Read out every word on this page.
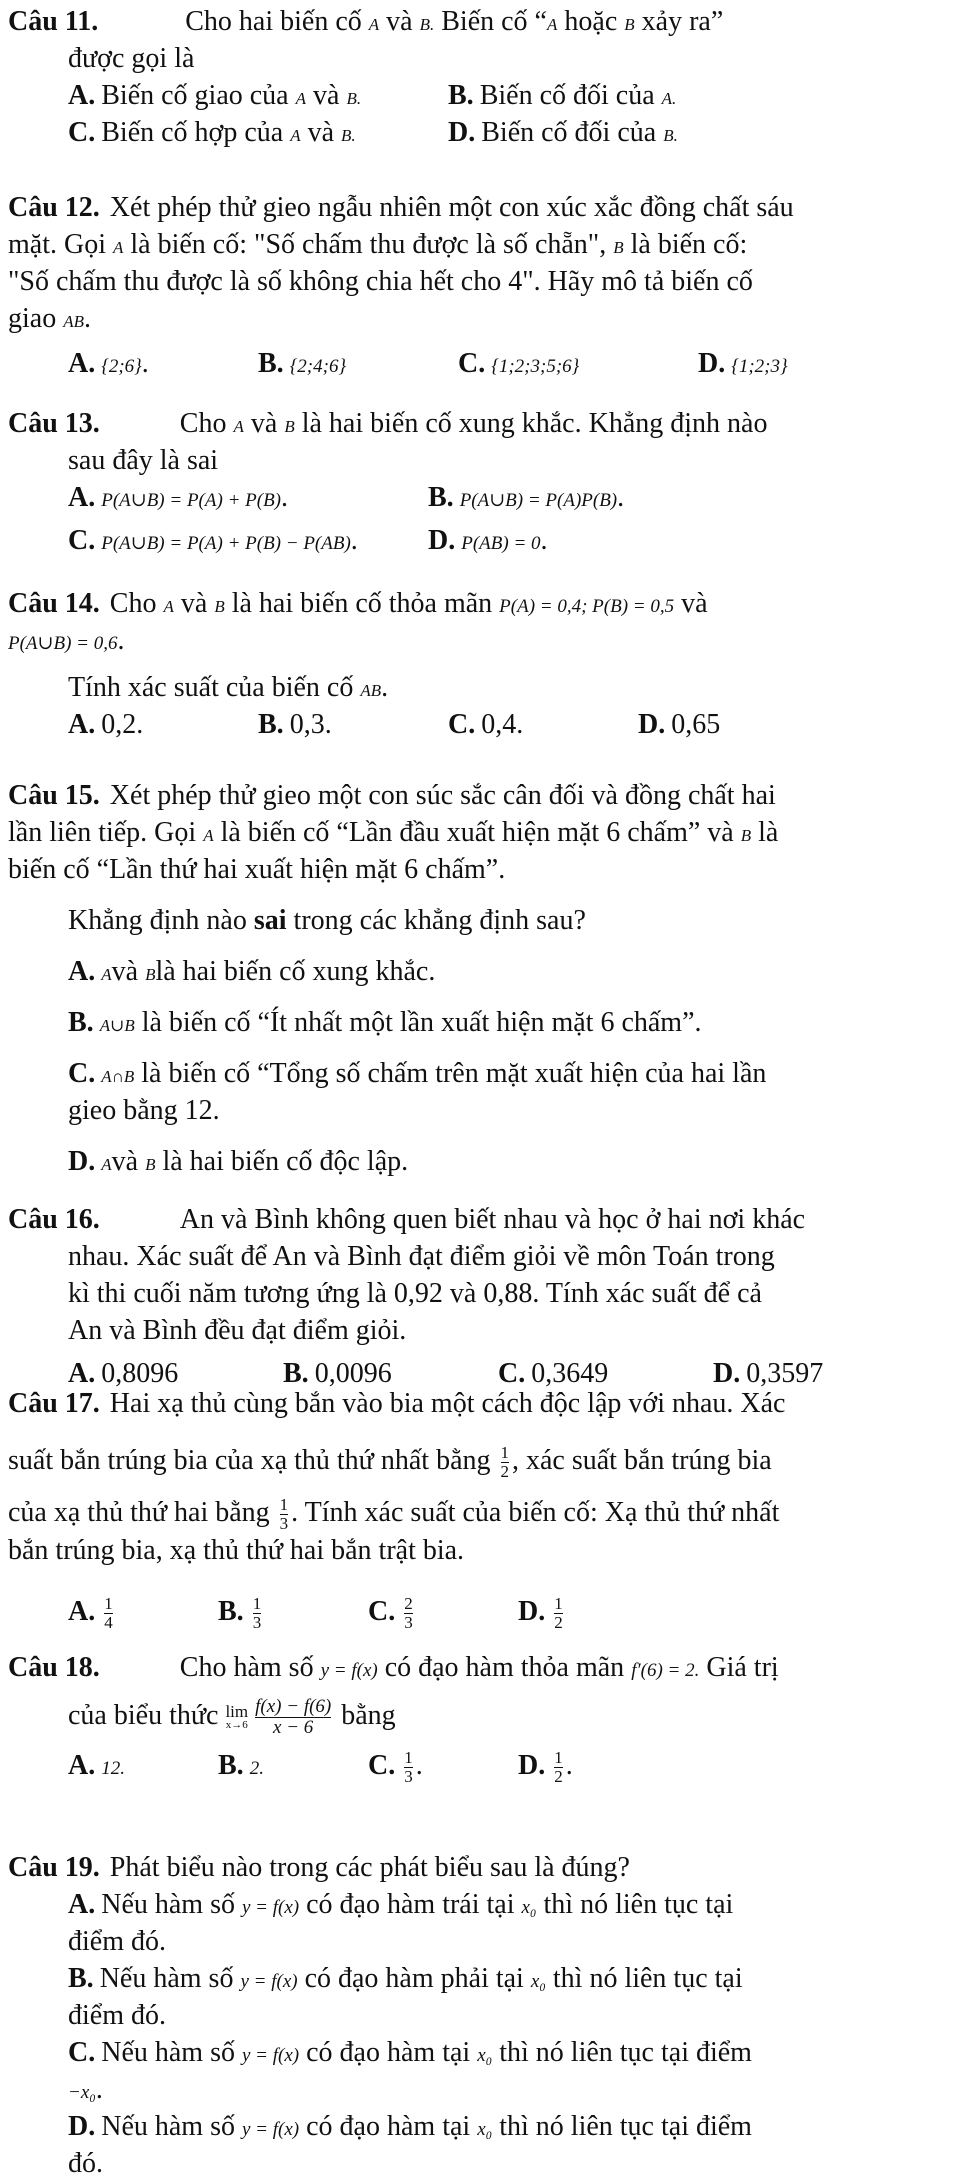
Câu 11.	Cho hai biến cố A và B. Biến cố “A hoặc B xảy ra”

được gọi là

A. Biến cố giao của A và B.	B. Biến cố đối của A.
C. Biến cố hợp của A và B.	D. Biến cố đối của B.

Câu 12. Xét phép thử gieo ngẫu nhiên một con xúc xắc đồng chất sáu

mặt. Gọi A là biến cố: "Số chấm thu được là số chẵn", B là biến cố:

"Số chấm thu được là số không chia hết cho 4". Hãy mô tả biến cố

giao AB.

A. {2;6}.	B. {2;4;6}	C. {1;2;3;5;6}	D. {1;2;3}

Câu 13.	Cho A và B là hai biến cố xung khắc. Khẳng định nào

sau đây là sai

A. P(A∪B) = P(A) + P(B).	B. P(A∪B) = P(A)P(B).
C. P(A∪B) = P(A) + P(B) − P(AB).	D. P(AB) = 0.

Câu 14. Cho A và B là hai biến cố thỏa mãn P(A) = 0,4; P(B) = 0,5 và

P(A∪B) = 0,6.

Tính xác suất của biến cố AB.

A. 0,2.	B. 0,3.	C. 0,4.	D. 0,65

Câu 15. Xét phép thử gieo một con súc sắc cân đối và đồng chất hai

lần liên tiếp. Gọi A là biến cố “Lần đầu xuất hiện mặt 6 chấm” và B là

biến cố “Lần thứ hai xuất hiện mặt 6 chấm”.

Khẳng định nào sai trong các khẳng định sau?

A. Avà Blà hai biến cố xung khắc.

B. A∪B là biến cố “Ít nhất một lần xuất hiện mặt 6 chấm”.

C. A∩B là biến cố “Tổng số chấm trên mặt xuất hiện của hai lần

gieo bằng 12.

D. Avà B là hai biến cố độc lập.

Câu 16.	An và Bình không quen biết nhau và học ở hai nơi khác

nhau. Xác suất để An và Bình đạt điểm giỏi về môn Toán trong

kì thi cuối năm tương ứng là 0,92 và 0,88. Tính xác suất để cả

An và Bình đều đạt điểm giỏi.

A. 0,8096	B. 0,0096	C. 0,3649	D. 0,3597

Câu 17. Hai xạ thủ cùng bắn vào bia một cách độc lập với nhau. Xác

suất bắn trúng bia của xạ thủ thứ nhất bằng $\frac{1}{2}$ , xác suất bắn trúng bia

của xạ thủ thứ hai bằng $\frac{1}{3}$ . Tính xác suất của biến cố: Xạ thủ thứ nhất

bắn trúng bia, xạ thủ thứ hai bắn trật bia.

A. $\frac{1}{4}$	B. $\frac{1}{3}$	C. $\frac{2}{3}$	D. $\frac{1}{2}$

Câu 18.	Cho hàm số y = f(x) có đạo hàm thỏa mãn f′(6) = 2. Giá trị

của biểu thức lim
$x\to 6 \frac{f(x) - f(6)}{x - 6}$ bằng

A. 12.	B. 2.	C. $\frac{1}{3}$ .	D. $\frac{1}{2}$ .

Câu 19. Phát biểu nào trong các phát biểu sau là đúng?

A. Nếu hàm số y = f(x) có đạo hàm trái tại x₀ thì nó liên tục tại

điểm đó.

B. Nếu hàm số y = f(x) có đạo hàm phải tại x₀ thì nó liên tục tại

điểm đó.

C. Nếu hàm số y = f(x) có đạo hàm tại x₀ thì nó liên tục tại điểm

−x₀.

D. Nếu hàm số y = f(x) có đạo hàm tại x₀ thì nó liên tục tại điểm

đó.
